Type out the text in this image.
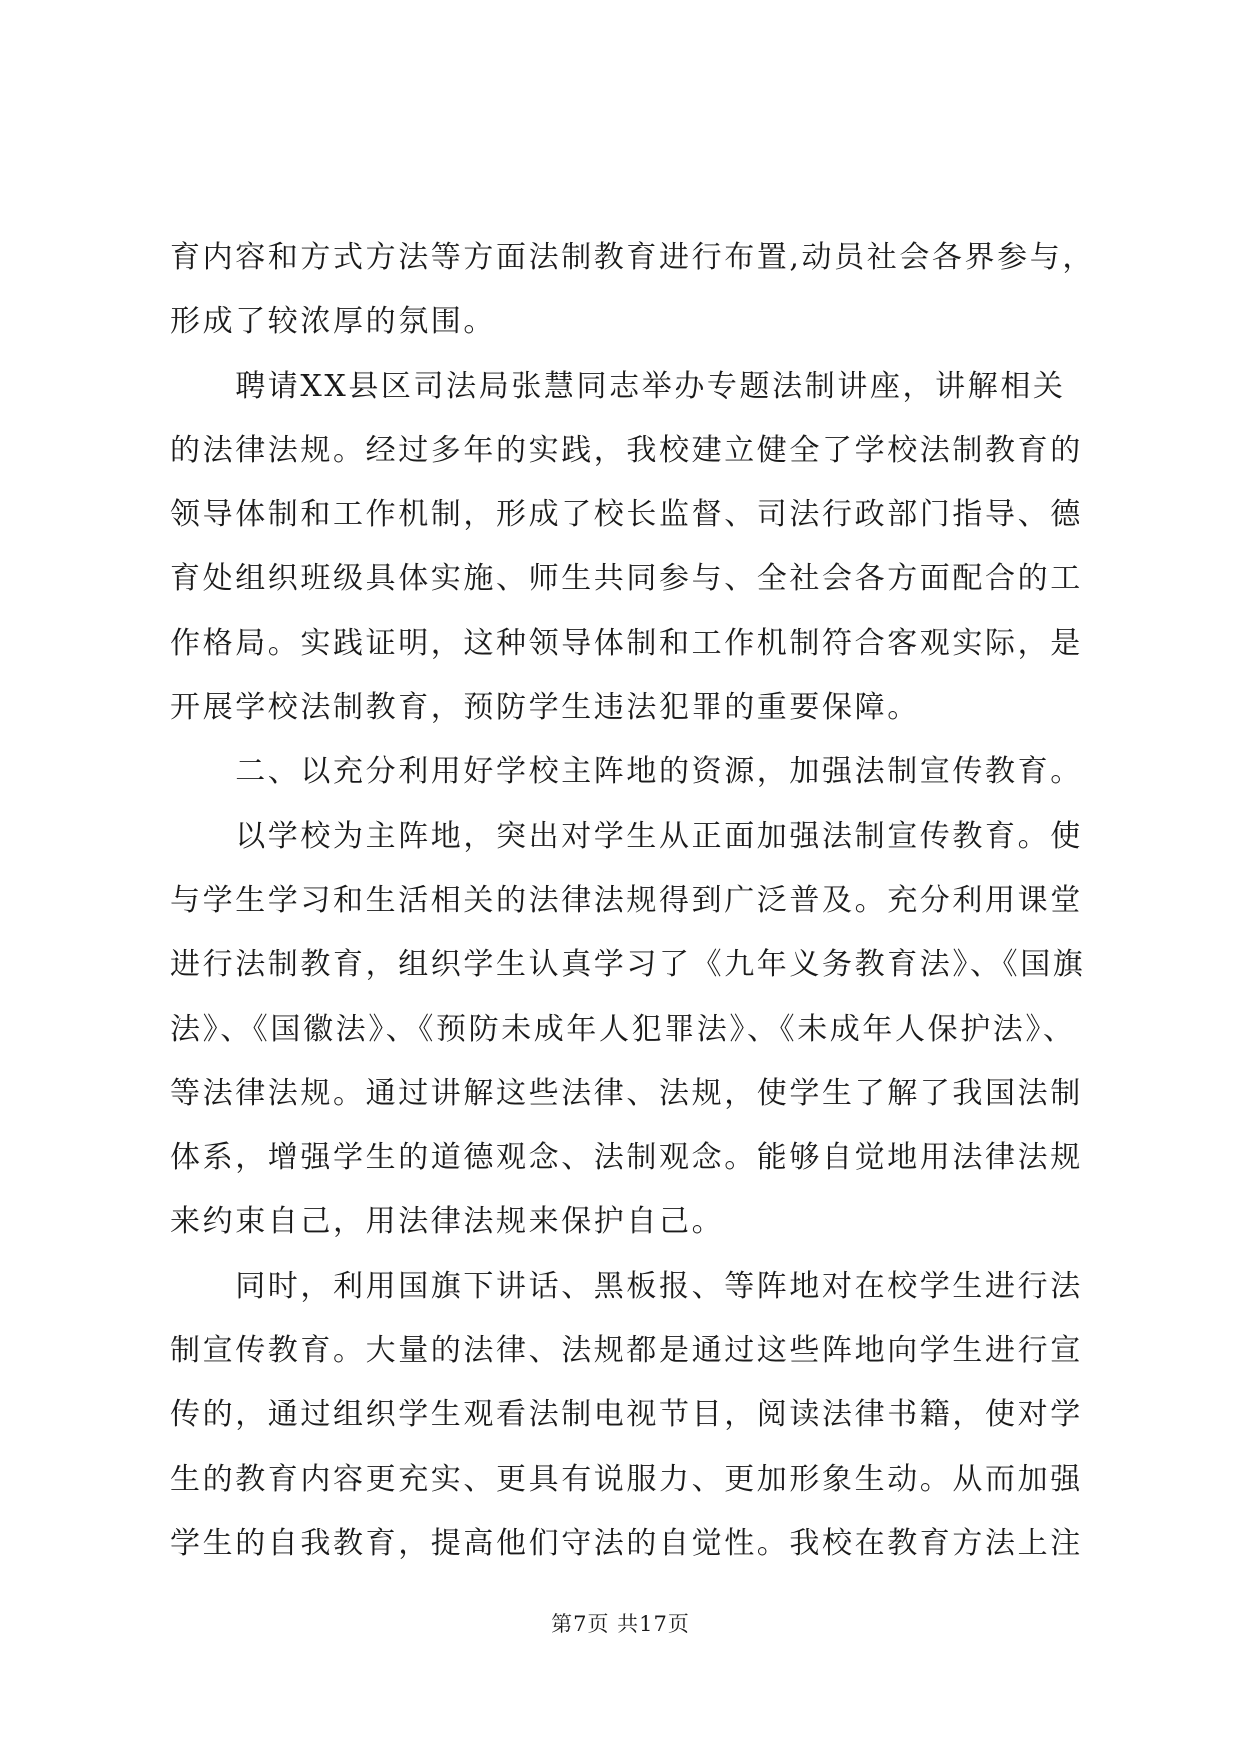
育内容和方式方法等方面法制教育进行布置,动员社会各界参与，
形成了较浓厚的氛围。
　　聘请XX县区司法局张慧同志举办专题法制讲座，讲解相关
的法律法规。经过多年的实践，我校建立健全了学校法制教育的
领导体制和工作机制，形成了校长监督、司法行政部门指导、德
育处组织班级具体实施、师生共同参与、全社会各方面配合的工
作格局。实践证明，这种领导体制和工作机制符合客观实际，是
开展学校法制教育，预防学生违法犯罪的重要保障。
　　二、以充分利用好学校主阵地的资源，加强法制宣传教育。
　　以学校为主阵地，突出对学生从正面加强法制宣传教育。使
与学生学习和生活相关的法律法规得到广泛普及。充分利用课堂
进行法制教育，组织学生认真学习了《九年义务教育法》、《国旗
法》、《国徽法》、《预防未成年人犯罪法》、《未成年人保护法》、
等法律法规。通过讲解这些法律、法规，使学生了解了我国法制
体系，增强学生的道德观念、法制观念。能够自觉地用法律法规
来约束自己，用法律法规来保护自己。
　　同时，利用国旗下讲话、黑板报、等阵地对在校学生进行法
制宣传教育。大量的法律、法规都是通过这些阵地向学生进行宣
传的，通过组织学生观看法制电视节目，阅读法律书籍，使对学
生的教育内容更充实、更具有说服力、更加形象生动。从而加强
学生的自我教育，提高他们守法的自觉性。我校在教育方法上注
第7页 共17页
